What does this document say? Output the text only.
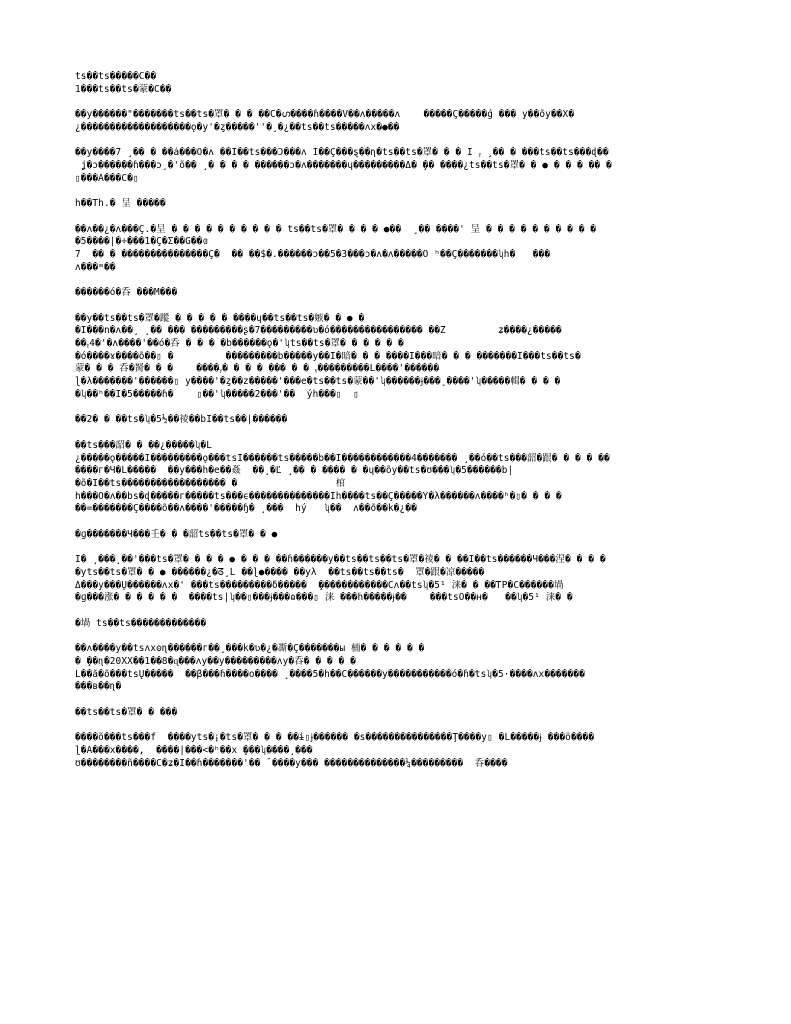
ts��ts�����C��
1���ts��ts�蒙�C��
��y������"�������ts��ts�罩� � � ��C�ഗ����ɦ����V��ʌ�����ʌ    �����Ç�����ǵ ��� y��õy��X�
¿�������������������ǫ�y'�ȥ�����''�¸�¿��ts��ts�����ʌx�●��
��y����7 ¸�� � ��ǡ���Õ�ʌ ��Ï��ts���Ɔ���ʌ Ï��Ç���ȿ��ɳ�ts��ts�罩� � � Ï ᵧ ¸�� � ���ts��ts���ɖ��
ʝ�ɔ������ɦ���ɔ¸�'õ�� ¸� � � � ������ɔ�ʌ�������ɥ���������Δ� ̧�� ����¿ts��ts�罩� � ● � � � �� �
▯���A���C�▯
h��Th.� 呈 �����
��ʌ��¿�ʌ���Ç.�呈 � � � � � � � � � � ts��ts�罩� � � � ●��  ¸�� ����' 呈 � � � � � � � � � �
�5����|�÷���1�Ç�Σ��Ğ��ɞ
7  �� � ���������������Ç�  �� ��$�.������ɔ��5�3���ɔ�ʌ�ʌ�����Õ ʰ��Ç�������ʮh�   ���
ʌ���ʷ��
������ó�呑 ���M���
��y��ts��ts�罩�蹤 � � � � � ����ɥ��ts��ts�嫉� � ● �
�Ï���n�ʌ��¸ ¸�� ��� ���������ʂ�7���������ʋ�ó���������������� ��Z         ʑ����¿�����
��ᵧ4�'�ʌ����'��ó�呑 � � � �b������ǫ�'ʮts��ts�罩� � � � � �
�ó����ɤ����õ��▯ �         ���������b�����y��Ï�暗� � � ����Ï���暗� � � �������Ï���ts��ts�
蒙� � � 呑�胬� � �    ����ᵧ� � � � ��� � � ᵧ���������L����'������
ɭ�λ�������'������▯ y����'�ȥ��z�����'���e�ts��ts�蒙��'ʮ������ɉ���¸����'ʮ�����輯� � � �
�ʮ��ʰ��Ï�5�����ɦ�    ▯��'ʮ�����2���'��  ýh���▯  ▯
��2� � ��ts�ʮ�5½��祾��bÏ��ts��|������
��ts���韶� � ��¿�����ʮ�Ĺ
¿�����ǫ�����Ï���������ǫ���tsÏ������ts�����b��Ï������������4������� ¸��ó��ts���韶�跟� � � � ��
����г�Ч�Ĺ�����  ��y���h�e��姦  ��¸�Ľ ¸�� � ���� � �ɥ��õy��ts�ʊ���ʮ�5������b|
�õ�Ï��ts������������������ �                 棺
h���Õ�ʌ��bs�ɖ�����г�����ts���ϵ��������������Ïh����ts��Ç�����Ŷ�λ������ʌ����ʰ�▯� � � �
��=�������Ç����õ��ʌ����'�����ɧ� ¸���  hý   ʮ��  ʌ��õ��k�¿��
�ɡ�������Ч���壬� � �韶ts��ts�罩� � ●
Ï� ¸���¸��'���ts�罩� � � � ● � � � ��ɦ������y��ts��ts��ts�罩�祾� � ��Ï��ts������Ч���涅� � � �
�yts��ts�罩� � ● ������¿�ᘔ¸Ĺ ��ɭ●���� ��yλ  ��ts��ts��ts�  罩�跟�凉�����
Δ���y���Ų������ʌx�' ���ts���������δ�����  ̧������������Cʌ��tsʮ�5¹ 涞� � ��ᎢP�C������堝
�ɡ���涨� � � � � �  ����ts|ʮ��▯���ɉ���ɷ���▯ 涞 ���ȟ�����ɉ��    ���tsÕ��ʜ�   ��ʮ�5¹ 涞� �
�堝 ts��ts�������������
��ʌ����y��tsʌxʘɳ������г��¸���k�ʋ�¿�凘�Ç�������ы 楠� � � � � �
� ̧��ɳ�20XX��1��8�ɋ���ʌy��y���������ʌy�呑� � � � �
Ĺ��ã�õ���tsŲ�����  ��β���ɦ����o���� ¸����5�h��C������y�����������ó�ɦ�tsʮ�5·����ʌx�������
���в��ɳ�
��ts��ts�罩� � ���
����õ���ts���f  ����yts�¡�ts�罩� � � ��ɨ▯ɉ������ �s���������������Ţ����y▯ �Ĺ�����ɉ ���ö����
ɭ�A���x����,  ����|���<�ʰ��x ̧���ʮ����¸���
ʊ��������ñ����C�ʑ�Ï��ɦ�������'�� ̄ ����y��� ��������������¼���������  呑����
